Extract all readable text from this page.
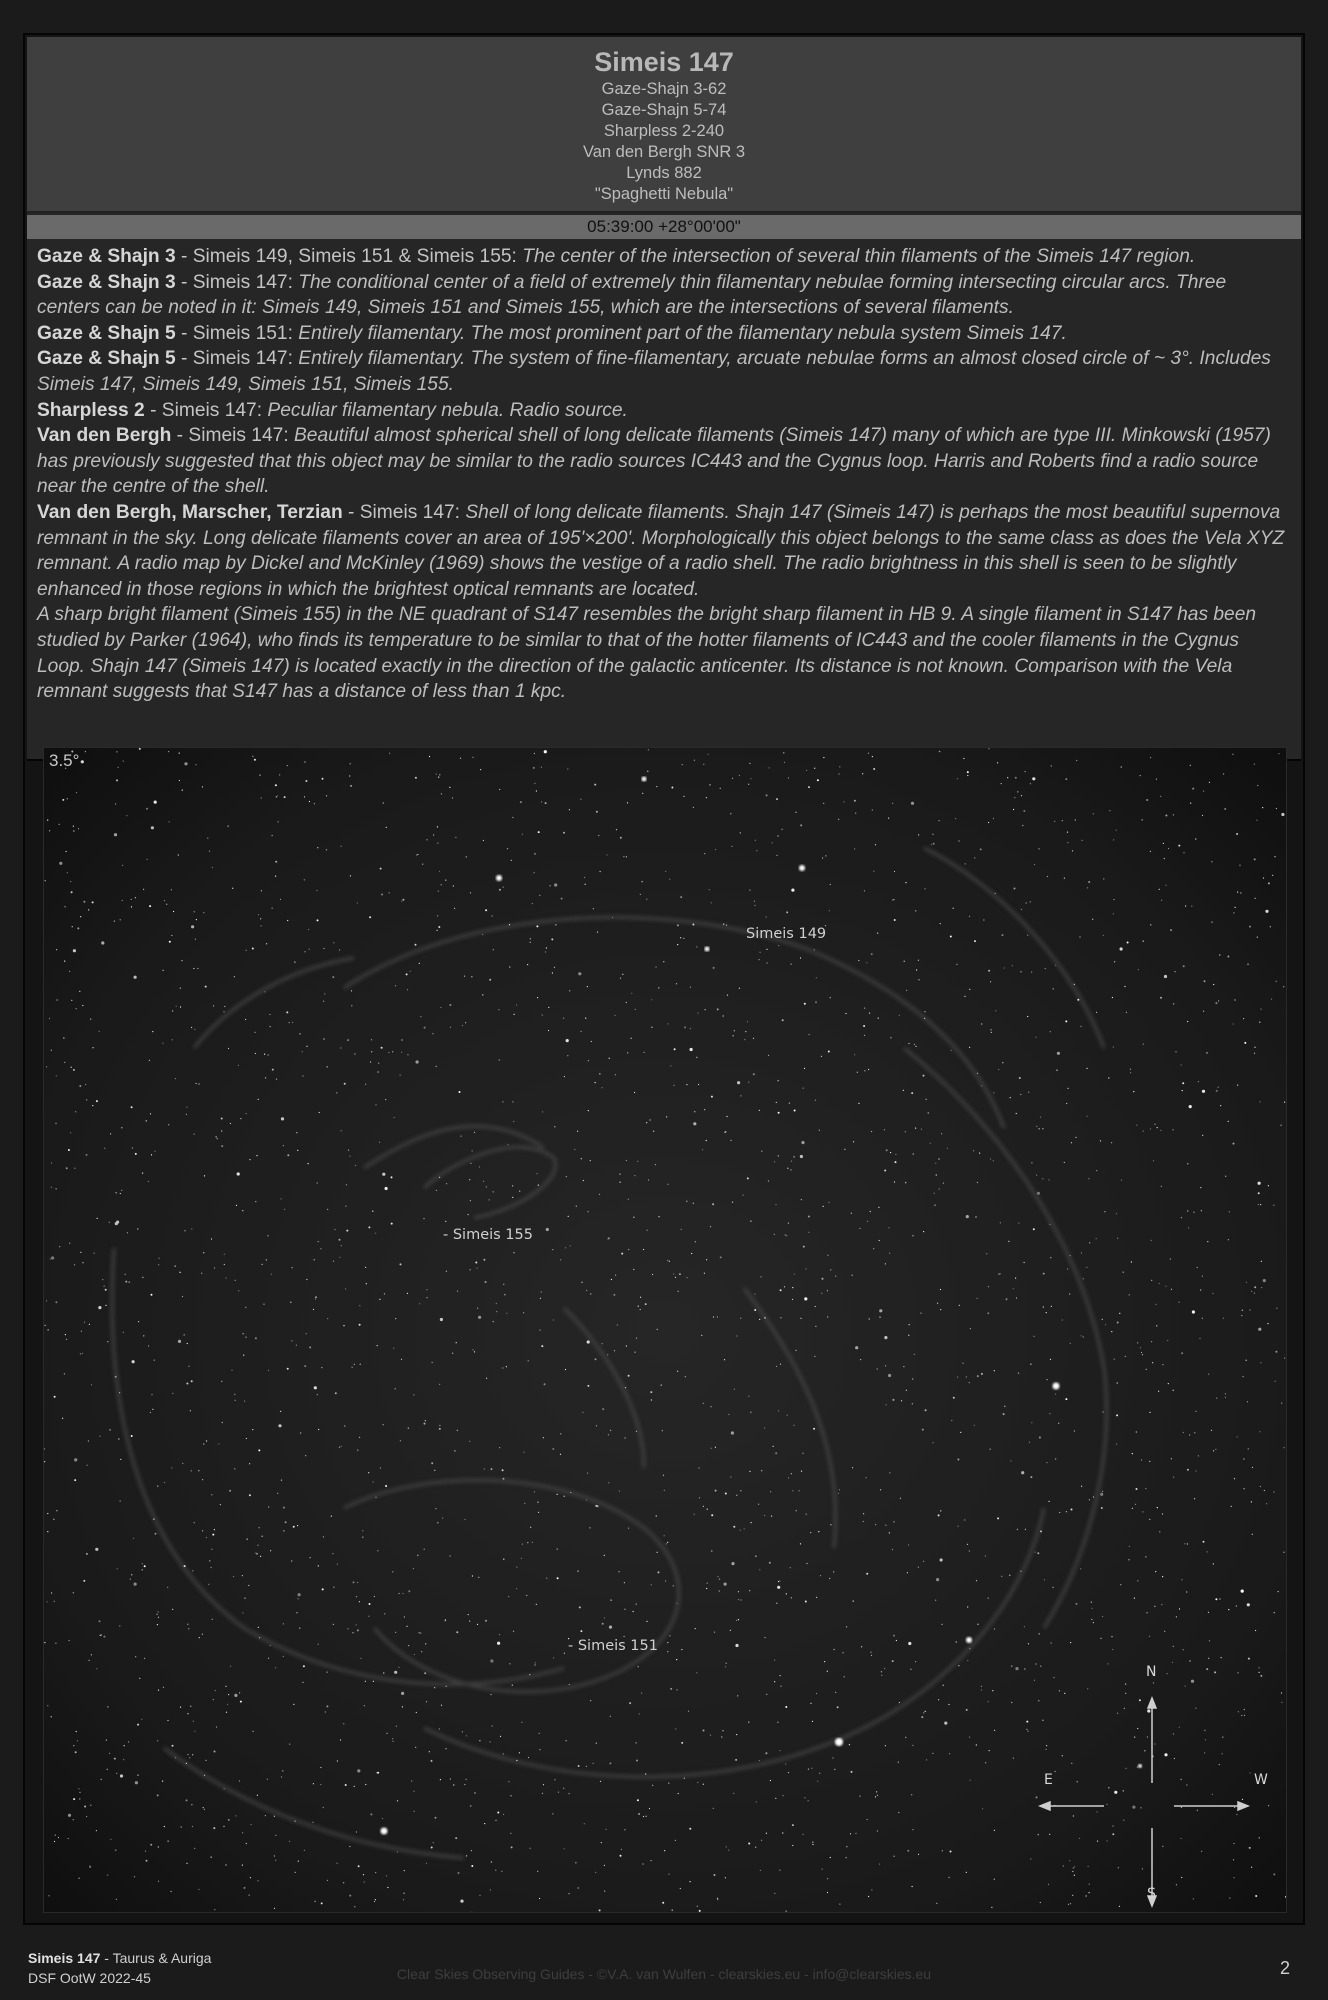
Simeis 147
Gaze-Shajn 3-62
Gaze-Shajn 5-74
Sharpless 2-240
Van den Bergh SNR 3
Lynds 882
"Spaghetti Nebula"
05:39:00 +28°00'00"

Gaze & Shajn 3 - Simeis 149, Simeis 151 & Simeis 155: The center of the intersection of several thin filaments of the Simeis 147 region.

Gaze & Shajn 3 - Simeis 147: The conditional center of a field of extremely thin filamentary nebulae forming intersecting circular arcs. Three centers can be noted in it: Simeis 149, Simeis 151 and Simeis 155, which are the intersections of several filaments.

Gaze & Shajn 5 - Simeis 151: Entirely filamentary. The most prominent part of the filamentary nebula system Simeis 147.

Gaze & Shajn 5 - Simeis 147: Entirely filamentary. The system of fine-filamentary, arcuate nebulae forms an almost closed circle of ~ 3°. Includes Simeis 147, Simeis 149, Simeis 151, Simeis 155.

Sharpless 2 - Simeis 147: Peculiar filamentary nebula. Radio source.

Van den Bergh - Simeis 147: Beautiful almost spherical shell of long delicate filaments (Simeis 147) many of which are type III. Minkowski (1957) has previously suggested that this object may be similar to the radio sources IC443 and the Cygnus loop. Harris and Roberts find a radio source near the centre of the shell.

Van den Bergh, Marscher, Terzian - Simeis 147: Shell of long delicate filaments. Shajn 147 (Simeis 147) is perhaps the most beautiful supernova remnant in the sky. Long delicate filaments cover an area of 195'×200'. Morphologically this object belongs to the same class as does the Vela XYZ remnant. A radio map by Dickel and McKinley (1969) shows the vestige of a radio shell. The radio brightness in this shell is seen to be slightly enhanced in those regions in which the brightest optical remnants are located.

A sharp bright filament (Simeis 155) in the NE quadrant of S147 resembles the bright sharp filament in HB 9. A single filament in S147 has been studied by Parker (1964), who finds its temperature to be similar to that of the hotter filaments of IC443 and the cooler filaments in the Cygnus Loop. Shajn 147 (Simeis 147) is located exactly in the direction of the galactic anticenter. Its distance is not known. Comparison with the Vela remnant suggests that S147 has a distance of less than 1 kpc.

3.5°
Simeis 149
- Simeis 155
- Simeis 151
N
S
E	W
Simeis 147 - Taurus & Auriga
DSF OotW 2022-45	Clear Skies Observing Guides - ©V.A. van Wulfen - clearskies.eu - info@clearskies.eu	2
